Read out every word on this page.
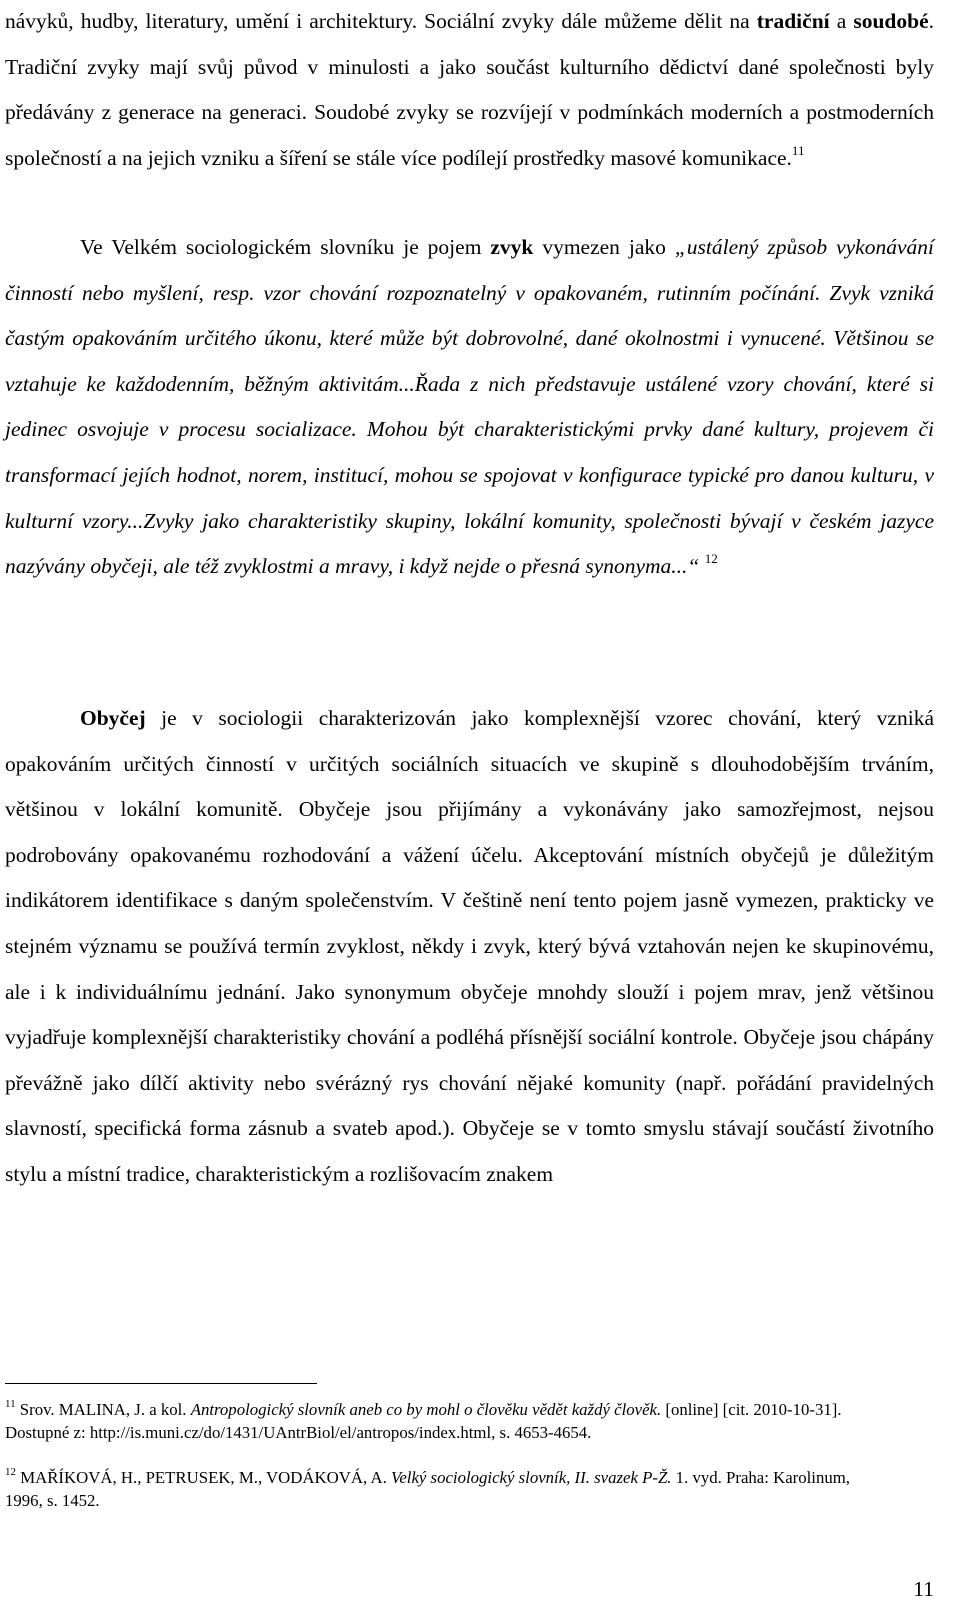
návyků, hudby, literatury, umění i architektury. Sociální zvyky dále můžeme dělit na tradiční a soudobé. Tradiční zvyky mají svůj původ v minulosti a jako součást kulturního dědictví dané společnosti byly předávány z generace na generaci. Soudobé zvyky se rozvíjejí v podmínkách moderních a postmoderních společností a na jejich vzniku a šíření se stále více podílejí prostředky masové komunikace.$^{11}$

Ve Velkém sociologickém slovníku je pojem zvyk vymezen jako „ustálený způsob vykonávání činností nebo myšlení, resp. vzor chování rozpoznatelný v opakovaném, rutinním počínání. Zvyk vzniká častým opakováním určitého úkonu, které může být dobrovolné, dané okolnostmi i vynucené. Většinou se vztahuje ke každodenním, běžným aktivitám...Řada z nich představuje ustálené vzory chování, které si jedinec osvojuje v procesu socializace. Mohou být charakteristickými prvky dané kultury, projevem či transformací jejích hodnot, norem, institucí, mohou se spojovat v konfigurace typické pro danou kulturu, v kulturní vzory...Zvyky jako charakteristiky skupiny, lokální komunity, společnosti bývají v českém jazyce nazývány obyčeji, ale též zvyklostmi a mravy, i když nejde o přesná synonyma...“ $^{12}$

Obyčej je v sociologii charakterizován jako komplexnější vzorec chování, který vzniká opakováním určitých činností v určitých sociálních situacích ve skupině s dlouhodobějším trváním, většinou v lokální komunitě. Obyčeje jsou přijímány a vykonávány jako samozřejmost, nejsou podrobovány opakovanému rozhodování a vážení účelu. Akceptování místních obyčejů je důležitým indikátorem identifikace s daným společenstvím. V češtině není tento pojem jasně vymezen, prakticky ve stejném významu se používá termín zvyklost, někdy i zvyk, který bývá vztahován nejen ke skupinovému, ale i k individuálnímu jednání. Jako synonymum obyčeje mnohdy slouží i pojem mrav, jenž většinou vyjadřuje komplexnější charakteristiky chování a podléhá přísnější sociální kontrole. Obyčeje jsou chápány převážně jako dílčí aktivity nebo svérázný rys chování nějaké komunity (např. pořádání pravidelných slavností, specifická forma zásnub a svateb apod.). Obyčeje se v tomto smyslu stávají součástí životního stylu a místní tradice, charakteristickým a rozlišovacím znakem

$^{11}$ Srov. MALINA, J. a kol. Antropologický slovník aneb co by mohl o člověku vědět každý člověk. [online] [cit. 2010-10-31]. Dostupné z: http://is.muni.cz/do/1431/UAntrBiol/el/antropos/index.html, s. 4653-4654.

$^{12}$ MAŘÍKOVÁ, H., PETRUSEK, M., VODÁKOVÁ, A. Velký sociologický slovník, II. svazek P-Ž. 1. vyd. Praha: Karolinum, 1996, s. 1452.

11
